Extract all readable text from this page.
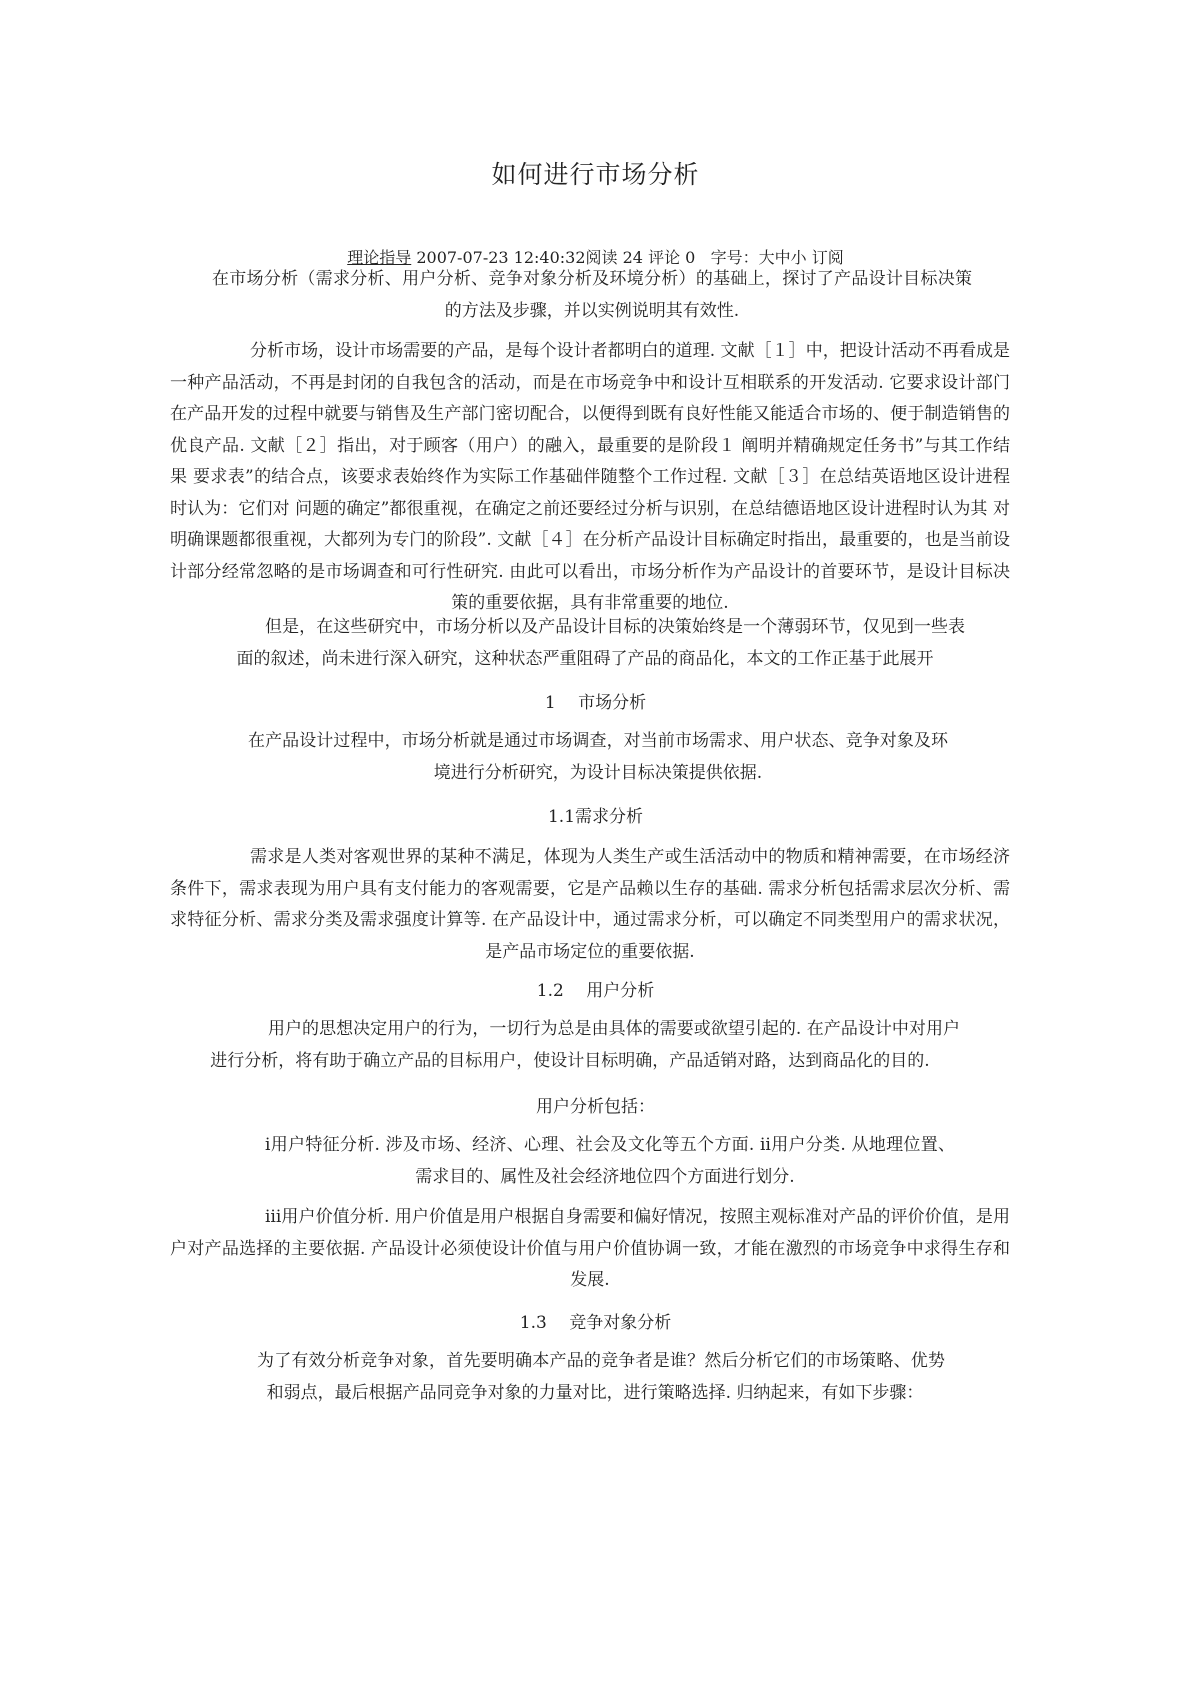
如何进行市场分析
理论指导 2007-07-23 12:40:32阅读 24 评论 0 字号：大中小 订阅
在市场分析（需求分析、用户分析、竞争对象分析及环境分析）的基础上，探讨了产品设计目标决策的方法及步骤，并以实例说明其有效性.
分析市场，设计市场需要的产品，是每个设计者都明白的道理. 文献［１］中，把设计活动不再看成是一种产品活动，不再是封闭的自我包含的活动，而是在市场竞争中和设计互相联系的开发活动. 它要求设计部门在产品开发的过程中就要与销售及生产部门密切配合，以便得到既有良好性能又能适合市场的、便于制造销售的优良产品. 文献［２］指出，对于顾客（用户）的融入，最重要的是阶段１ 阐明并精确规定任务书”与其工作结果 要求表”的结合点，该要求表始终作为实际工作基础伴随整个工作过程. 文献［３］在总结英语地区设计进程时认为：它们对 问题的确定”都很重视，在确定之前还要经过分析与识别，在总结德语地区设计进程时认为其 对明确课题都很重视，大都列为专门的阶段”. 文献［４］在分析产品设计目标确定时指出，最重要的，也是当前设计部分经常忽略的是市场调查和可行性研究. 由此可以看出，市场分析作为产品设计的首要环节，是设计目标决策的重要依据，具有非常重要的地位.
但是，在这些研究中，市场分析以及产品设计目标的决策始终是一个薄弱环节，仅见到一些表面的叙述，尚未进行深入研究，这种状态严重阻碍了产品的商品化，本文的工作正基于此展开
1　 市场分析
在产品设计过程中，市场分析就是通过市场调查，对当前市场需求、用户状态、竞争对象及环境进行分析研究，为设计目标决策提供依据.
1.1需求分析
需求是人类对客观世界的某种不满足，体现为人类生产或生活活动中的物质和精神需要，在市场经济条件下，需求表现为用户具有支付能力的客观需要，它是产品赖以生存的基础. 需求分析包括需求层次分析、需求特征分析、需求分类及需求强度计算等. 在产品设计中，通过需求分析，可以确定不同类型用户的需求状况，是产品市场定位的重要依据.
1.2　 用户分析
用户的思想决定用户的行为，一切行为总是由具体的需要或欲望引起的. 在产品设计中对用户进行分析，将有助于确立产品的目标用户，使设计目标明确，产品适销对路，达到商品化的目的.
用户分析包括：
ⅰ用户特征分析. 涉及市场、经济、心理、社会及文化等五个方面. ⅱ用户分类. 从地理位置、需求目的、属性及社会经济地位四个方面进行划分.
ⅲ用户价值分析. 用户价值是用户根据自身需要和偏好情况，按照主观标准对产品的评价价值，是用户对产品选择的主要依据. 产品设计必须使设计价值与用户价值协调一致，才能在激烈的市场竞争中求得生存和发展.
1.3　 竞争对象分析
为了有效分析竞争对象，首先要明确本产品的竞争者是谁？然后分析它们的市场策略、优势和弱点，最后根据产品同竞争对象的力量对比，进行策略选择. 归纳起来，有如下步骤：
